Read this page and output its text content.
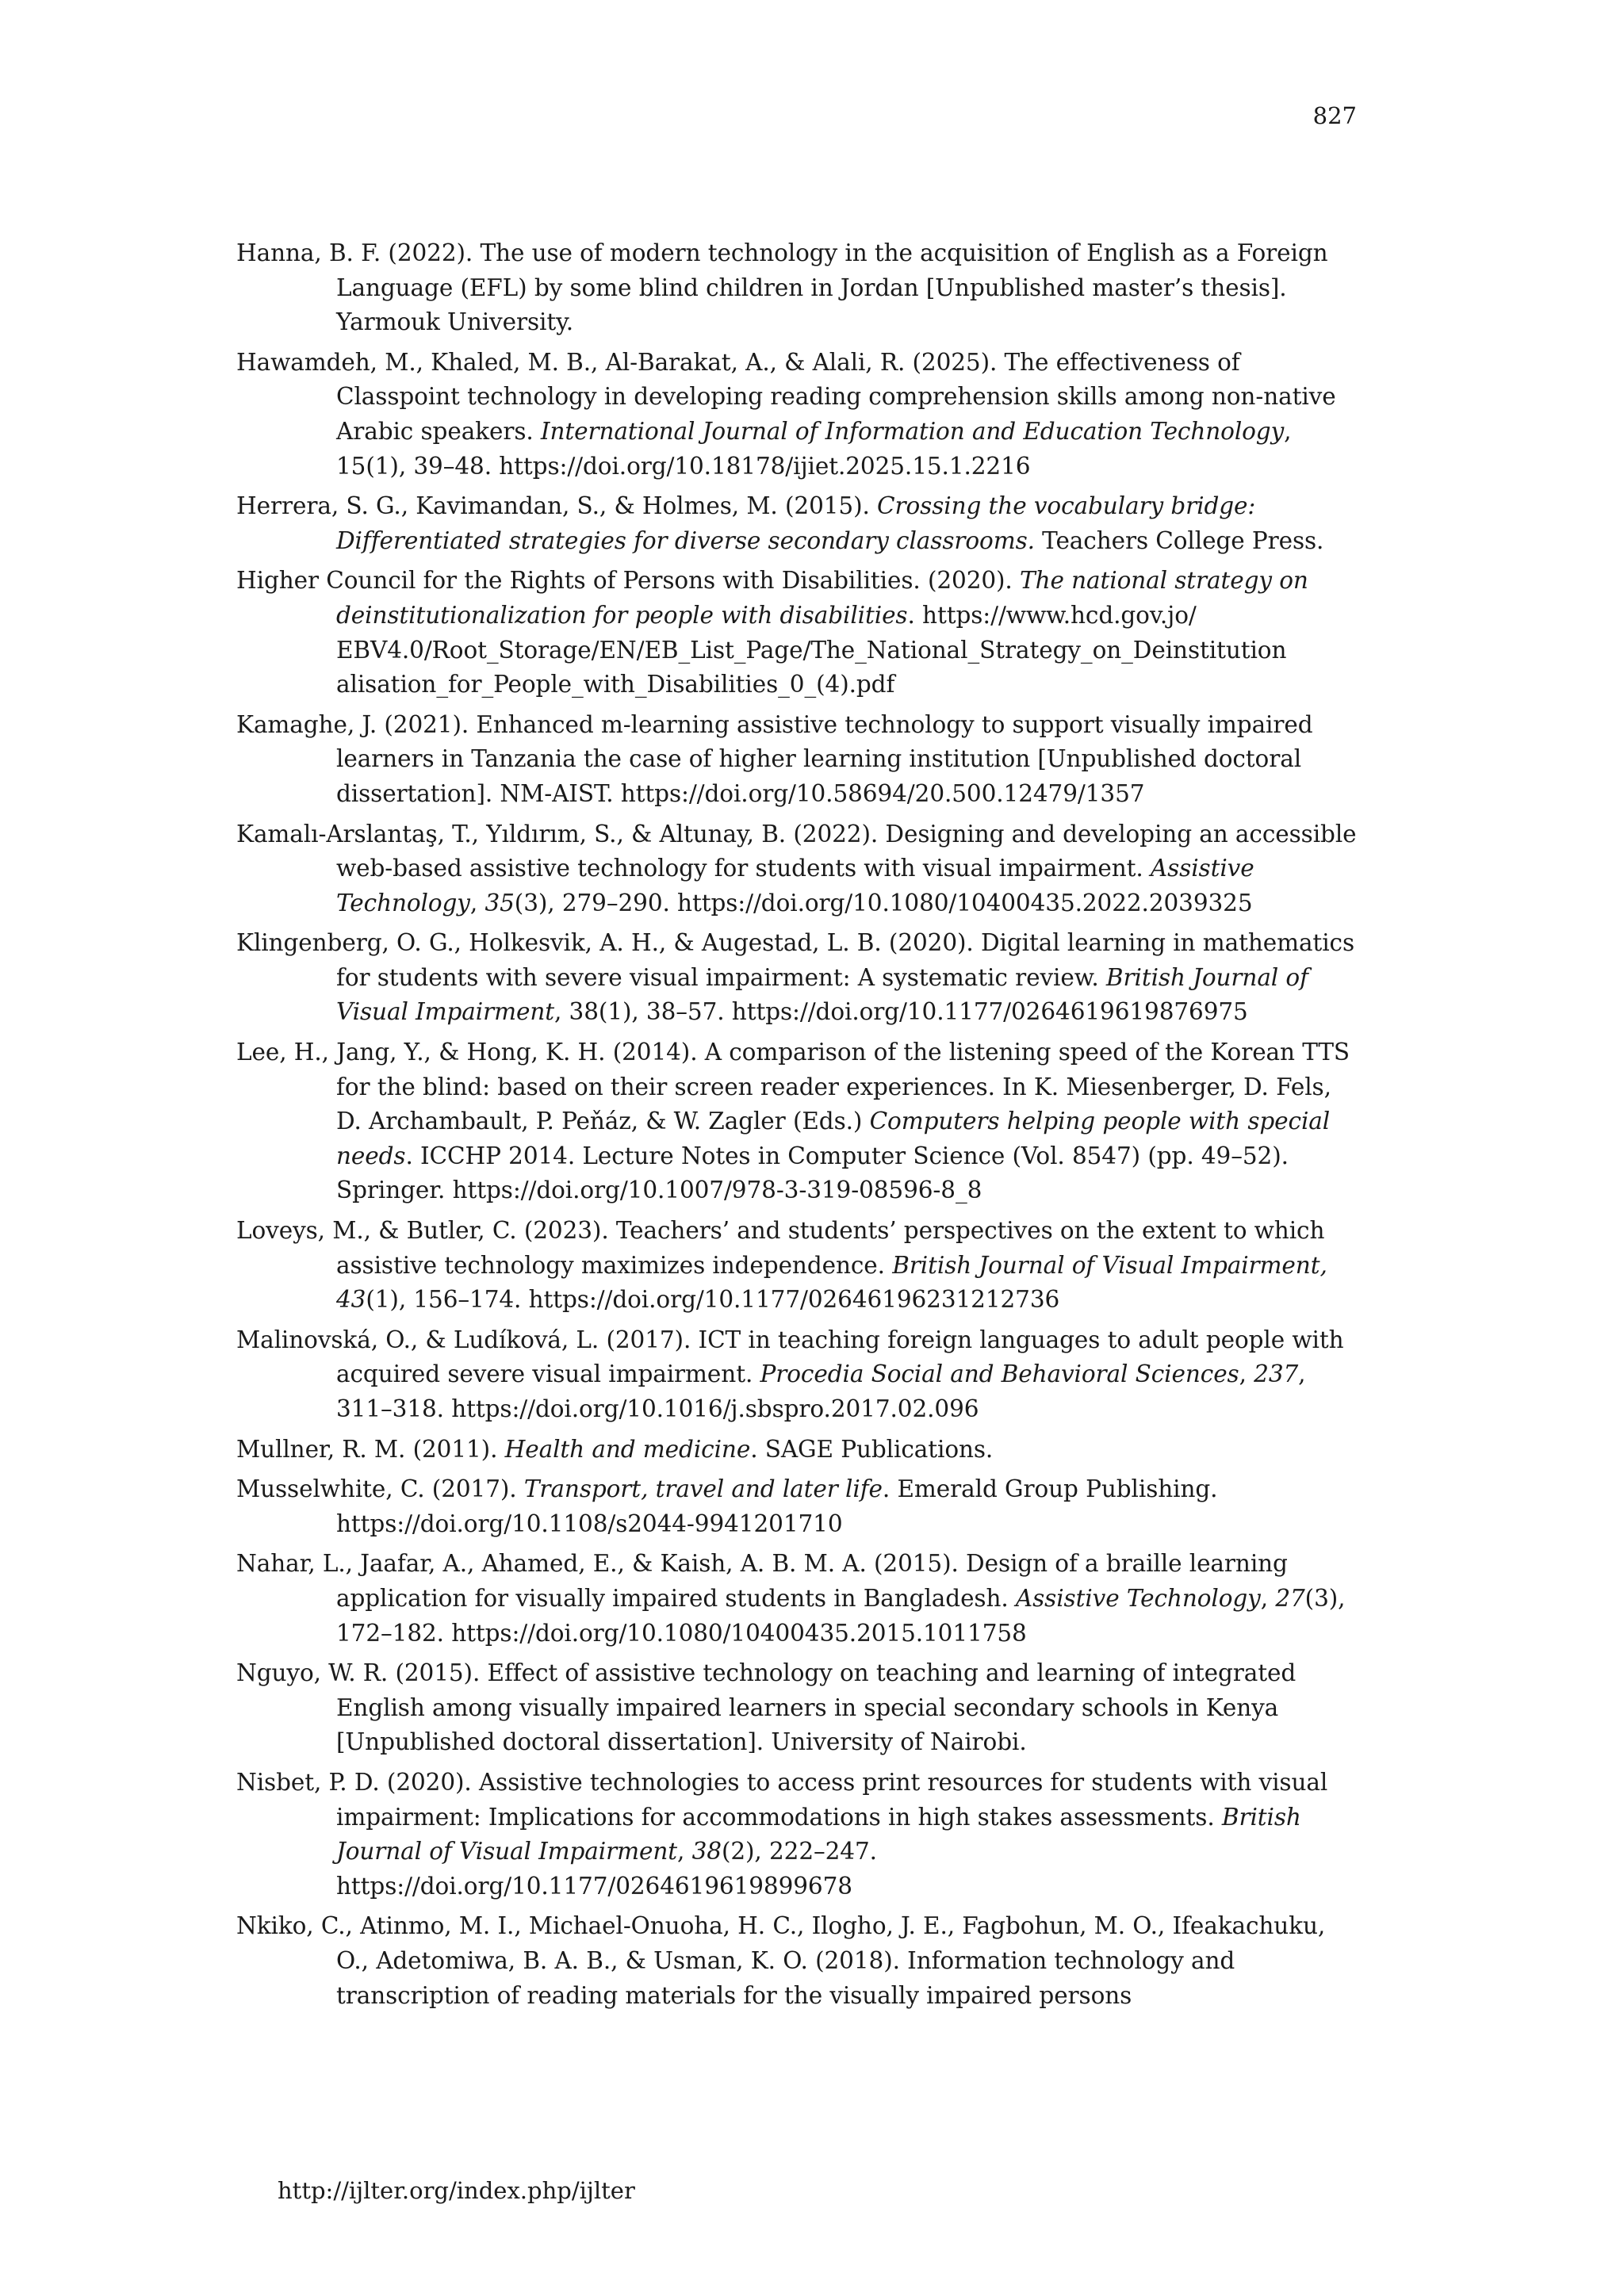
827
Hanna, B. F. (2022). The use of modern technology in the acquisition of English as a Foreign Language (EFL) by some blind children in Jordan [Unpublished master’s thesis]. Yarmouk University.
Hawamdeh, M., Khaled, M. B., Al-Barakat, A., & Alali, R. (2025). The effectiveness of Classpoint technology in developing reading comprehension skills among non-native Arabic speakers. International Journal of Information and Education Technology, 15(1), 39–48. https://doi.org/10.18178/ijiet.2025.15.1.2216
Herrera, S. G., Kavimandan, S., & Holmes, M. (2015). Crossing the vocabulary bridge: Differentiated strategies for diverse secondary classrooms. Teachers College Press.
Higher Council for the Rights of Persons with Disabilities. (2020). The national strategy on deinstitutionalization for people with disabilities. https://www.hcd.gov.jo/ EBV4.0/Root_Storage/EN/EB_List_Page/The_National_Strategy_on_Deinstitution alisation_for_People_with_Disabilities_0_(4).pdf
Kamaghe, J. (2021). Enhanced m-learning assistive technology to support visually impaired learners in Tanzania the case of higher learning institution [Unpublished doctoral dissertation]. NM-AIST. https://doi.org/10.58694/20.500.12479/1357
Kamalı-Arslantaş, T., Yıldırım, S., & Altunay, B. (2022). Designing and developing an accessible web-based assistive technology for students with visual impairment. Assistive Technology, 35(3), 279–290. https://doi.org/10.1080/10400435.2022.2039325
Klingenberg, O. G., Holkesvik, A. H., & Augestad, L. B. (2020). Digital learning in mathematics for students with severe visual impairment: A systematic review. British Journal of Visual Impairment, 38(1), 38–57. https://doi.org/10.1177/0264619619876975
Lee, H., Jang, Y., & Hong, K. H. (2014). A comparison of the listening speed of the Korean TTS for the blind: based on their screen reader experiences. In K. Miesenberger, D. Fels, D. Archambault, P. Peňáz, & W. Zagler (Eds.) Computers helping people with special needs. ICCHP 2014. Lecture Notes in Computer Science (Vol. 8547) (pp. 49–52). Springer. https://doi.org/10.1007/978-3-319-08596-8_8
Loveys, M., & Butler, C. (2023). Teachers’ and students’ perspectives on the extent to which assistive technology maximizes independence. British Journal of Visual Impairment, 43(1), 156–174. https://doi.org/10.1177/02646196231212736
Malinovská, O., & Ludíková, L. (2017). ICT in teaching foreign languages to adult people with acquired severe visual impairment. Procedia Social and Behavioral Sciences, 237, 311–318. https://doi.org/10.1016/j.sbspro.2017.02.096
Mullner, R. M. (2011). Health and medicine. SAGE Publications.
Musselwhite, C. (2017). Transport, travel and later life. Emerald Group Publishing. https://doi.org/10.1108/s2044-9941201710
Nahar, L., Jaafar, A., Ahamed, E., & Kaish, A. B. M. A. (2015). Design of a braille learning application for visually impaired students in Bangladesh. Assistive Technology, 27(3), 172–182. https://doi.org/10.1080/10400435.2015.1011758
Nguyo, W. R. (2015). Effect of assistive technology on teaching and learning of integrated English among visually impaired learners in special secondary schools in Kenya [Unpublished doctoral dissertation]. University of Nairobi.
Nisbet, P. D. (2020). Assistive technologies to access print resources for students with visual impairment: Implications for accommodations in high stakes assessments. British Journal of Visual Impairment, 38(2), 222–247. https://doi.org/10.1177/0264619619899678
Nkiko, C., Atinmo, M. I., Michael-Onuoha, H. C., Ilogho, J. E., Fagbohun, M. O., Ifeakachuku, O., Adetomiwa, B. A. B., & Usman, K. O. (2018). Information technology and transcription of reading materials for the visually impaired persons
http://ijlter.org/index.php/ijlter
